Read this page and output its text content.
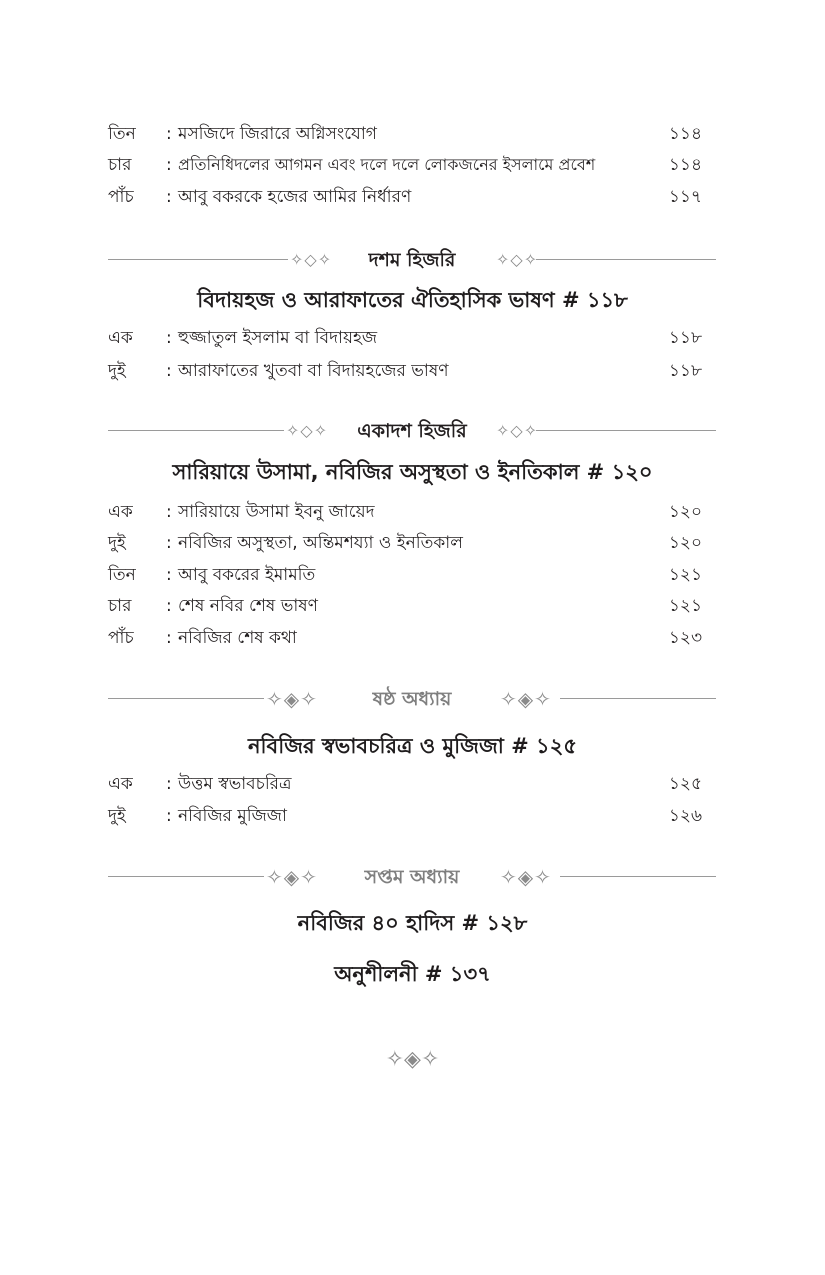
তিন : মসজিদে জিরারে অগ্নিসংযোগ	১১৪
চার : প্রতিনিধিদলের আগমন এবং দলে দলে লোকজনের ইসলামে প্রবেশ	১১৪
পাঁচ : আবু বকরকে হজের আমির নির্ধারণ	১১৭
✧◇✧	দশম হিজরি	✧◇✧
বিদায়হজ ও আরাফাতের ঐতিহাসিক ভাষণ # ১১৮
এক : হুজ্জাতুল ইসলাম বা বিদায়হজ	১১৮
দুই : আরাফাতের খুতবা বা বিদায়হজের ভাষণ	১১৮
✧◇✧	একাদশ হিজরি	✧◇✧
সারিয়ায়ে উসামা, নবিজির অসুস্থতা ও ইনতিকাল # ১২০
এক : সারিয়ায়ে উসামা ইবনু জায়েদ	১২০
দুই : নবিজির অসুস্থতা, অন্তিমশয্যা ও ইনতিকাল	১২০
তিন : আবু বকরের ইমামতি	১২১
চার : শেষ নবির শেষ ভাষণ	১২১
পাঁচ : নবিজির শেষ কথা	১২৩
✧◈✧	ষষ্ঠ অধ্যায়	✧◈✧
নবিজির স্বভাবচরিত্র ও মুজিজা # ১২৫
এক : উত্তম স্বভাবচরিত্র	১২৫
দুই : নবিজির মুজিজা	১২৬
✧◈✧	সপ্তম অধ্যায়	✧◈✧
নবিজির ৪০ হাদিস # ১২৮
অনুশীলনী # ১৩৭
✧◈✧
